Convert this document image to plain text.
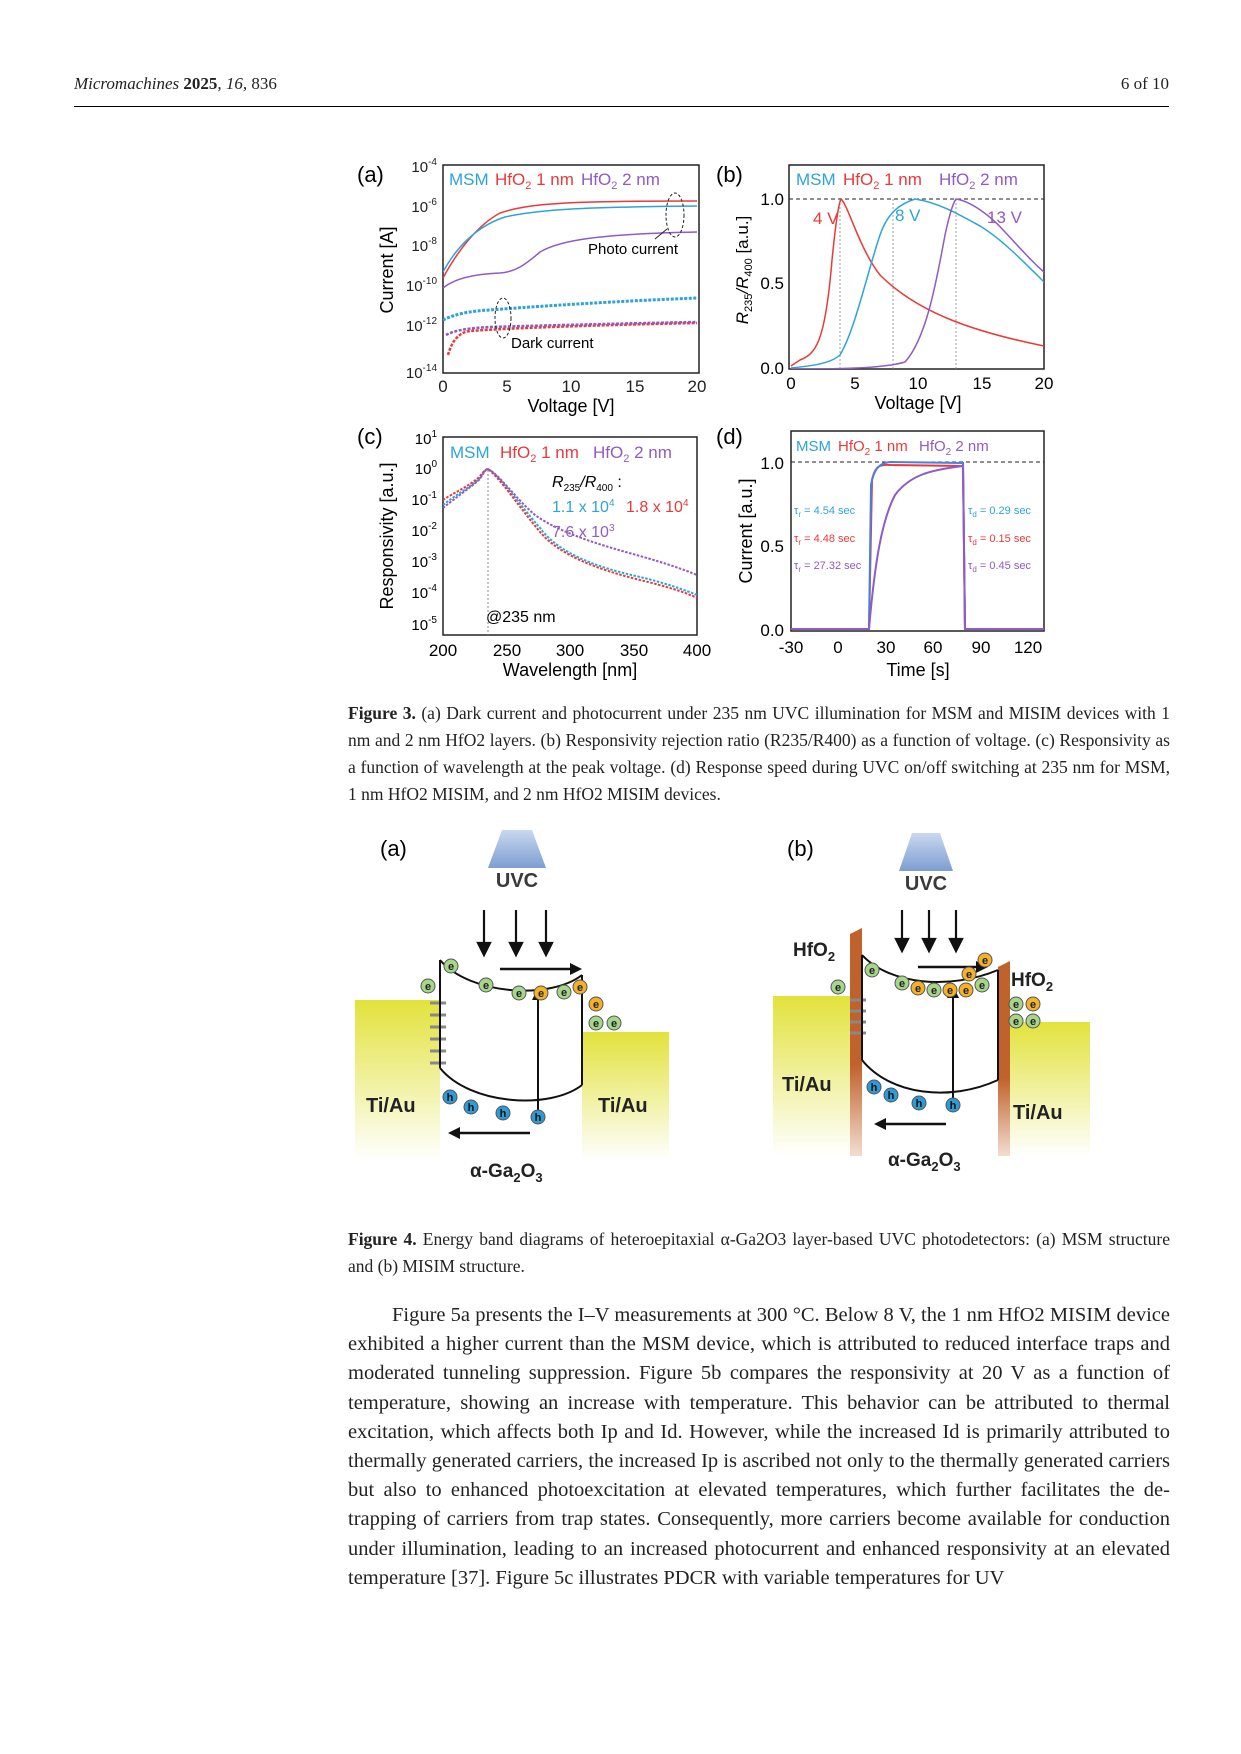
Micromachines 2025, 16, 836	6 of 10
(a) $10^{-4}$
$10^{-6}$
$10^{-8}$
$10^{-10}$
$10^{-12}$
$10^{-14}$
0	5	10	15	20
Voltage [V]
Current [A]
MSM HfO$_2$ 1 nm HfO$_2$ 2 nm
Photo current
Dark current
(b)
1.0
0.5
0.0
0	5	10	15	20
Voltage [V]
$R_{235}/R_{400}$ [a.u.]
MSM HfO$_2$ 1 nm HfO$_2$ 2 nm
4 V	8 V	13 V
(c) $10^1$
$10^0$
$10^{-1}$
$10^{-2}$
$10^{-3}$
$10^{-4}$
$10^{-5}$
200 250 300 350 400
Wavelength [nm]
Responsivity [a.u.]
MSM HfO$_2$ 1 nm HfO$_2$ 2 nm
$R_{235}/R_{400}$ :
1.1 x $10^4$ 1.8 x $10^4$
7.6 x $10^3$
@235 nm
(d)
1.0
0.5
0.0
-30 0 30 60 90 120
Time [s]
Current [a.u.]
MSM HfO$_2$ 1 nm HfO$_2$ 2 nm
$\tau_r = 4.54$ sec
$\tau_r = 4.48$ sec
$\tau_r = 27.32$ sec
$\tau_d = 0.29$ sec
$\tau_d = 0.15$ sec
$\tau_d = 0.45$ sec
Figure 3. (a) Dark current and photocurrent under 235 nm UVC illumination for MSM and MISIM devices with 1 nm and 2 nm HfO2 layers. (b) Responsivity rejection ratio (R235/R400) as a function of voltage. (c) Responsivity as a function of wavelength at the peak voltage. (d) Response speed during UVC on/off switching at 235 nm for MSM, 1 nm HfO2 MISIM, and 2 nm HfO2 MISIM devices.
(a)
UVC
Ti/Au	Ti/Au
$\alpha-Ga_2O_3$
e
e
e
e e e e
e
e e
h
h h	h
(b)
UVC
HfO$_2$
HfO$_2$
Ti/Au
Ti/Au
$\alpha-Ga_2O_3$
e
e
e e e e e
e
e
e
e e
e e
h
h
h h
Figure 4. Energy band diagrams of heteroepitaxial α-Ga2O3 layer-based UVC photodetectors: (a) MSM structure and (b) MISIM structure.

Figure 5a presents the I–V measurements at 300 °C. Below 8 V, the 1 nm HfO2 MISIM device exhibited a higher current than the MSM device, which is attributed to reduced interface traps and moderated tunneling suppression. Figure 5b compares the responsivity at 20 V as a function of temperature, showing an increase with temperature. This behavior can be attributed to thermal excitation, which affects both Ip and Id. However, while the increased Id is primarily attributed to thermally generated carriers, the increased Ip is ascribed not only to the thermally generated carriers but also to enhanced photoexcitation at elevated temperatures, which further facilitates the de-trapping of carriers from trap states. Consequently, more carriers become available for conduction under illumination, leading to an increased photocurrent and enhanced responsivity at an elevated temperature [37]. Figure 5c illustrates PDCR with variable temperatures for UV
